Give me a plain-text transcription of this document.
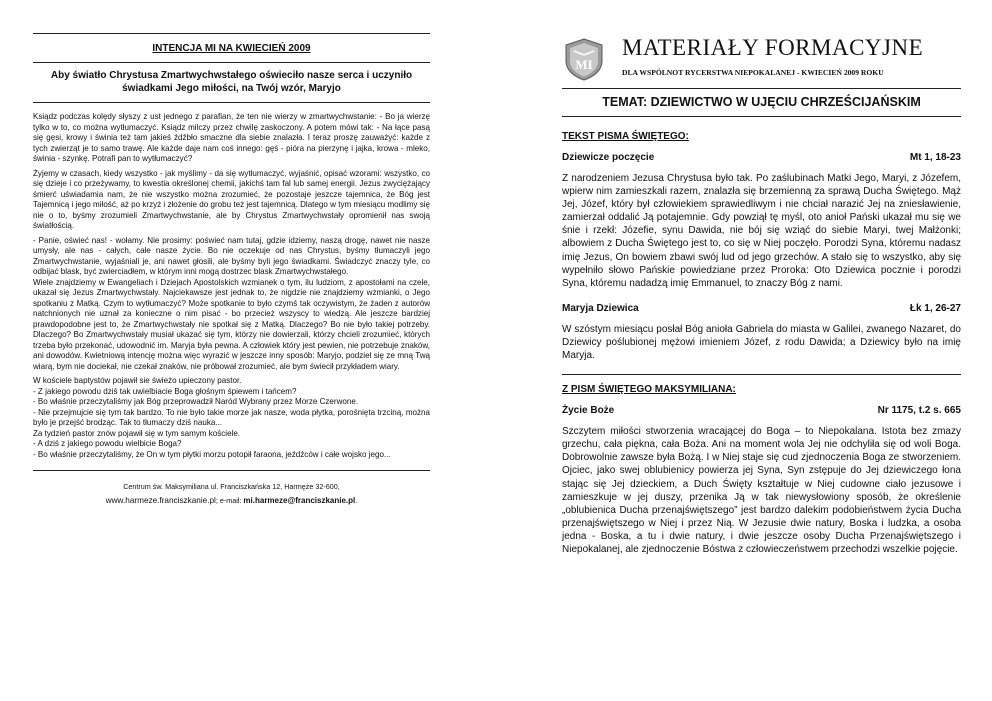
INTENCJA MI NA KWIECIEŃ 2009
Aby światło Chrystusa Zmartwychwstałego oświeciło nasze serca i uczyniło świadkami Jego miłości, na Twój wzór, Maryjo

Ksiądz podczas kolędy słyszy z ust jednego z parafian, że ten nie wierzy w zmartwychwstanie: - Bo ja wierzę tylko w to, co można wytłumaczyć. Ksiądz milczy przez chwilę zaskoczony. A potem mówi tak: - Na łące pasą się gęsi, krowy i świnia też tam jakieś źdźbło smaczne dla siebie znalazła. I teraz proszę zauważyć: każde z tych zwierząt je to samo trawę. Ale każde daje nam coś innego: gęś - pióra na pierzynę i jajka, krowa - mleko, świnia - szynkę. Potrafi pan to wytłumaczyć?

Żyjemy w czasach, kiedy wszystko - jak myślimy - da się wytłumaczyć, wyjaśnić, opisać wzorami: wszystko, co się dzieje i co przeżywamy, to kwestia określonej chemii, jakichś tam fal lub samej energii. Jezus zwyciężający śmierć uświadamia nam, że nie wszystko można zrozumieć, że pozostaje jeszcze tajemnica, że Bóg jest Tajemnicą i jego miłość, aż po krzyż i złożenie do grobu też jest tajemnicą. Dlatego w tym miesiącu modlimy się nie o to, byśmy zrozumieli Zmartwychwstanie, ale by Chrystus Zmartwychwstały opromienił nas swoją światłością.

- Panie, oświeć nas! - wołamy. Nie prosimy: poświeć nam tutaj, gdzie idziemy, naszą drogę, nawet nie nasze umysły, ale nas - całych, całe nasze życie. Bo nie oczekuje od nas Chrystus, byśmy tłumaczyli jego Zmartwychwstanie, wyjaśniali je, ani nawet głosili, ale byśmy byli jego świadkami. Świadczyć znaczy tyle, co odbijać blask, być zwierciadłem, w którym inni mogą dostrzec blask Zmartwychwstałego.

Wiele znajdziemy w Ewangeliach i Dziejach Apostolskich wzmianek o tym, ilu ludziom, z apostołami na czele, ukazał się Jezus Zmartwychwstały. Najciekawsze jest jednak to, że nigdzie nie znajdziemy wzmianki, o Jego spotkaniu z Matką. Czym to wytłumaczyć? Może spotkanie to było czymś tak oczywistym, że żaden z autorów natchnionych nie uznał za konieczne o nim pisać - bo przecież wszyscy to wiedzą. Ale jeszcze bardziej prawdopodobne jest to, że Zmartwychwstały nie spotkał się z Matką. Dlaczego? Bo nie było takiej potrzeby. Dlaczego? Bo Zmartwychwstały musiał ukazać się tym, którzy nie dowierzali, którzy chcieli zrozumieć, których trzeba było przekonać, udowodnić im. Maryja była pewna. A człowiek który jest pewien, nie potrzebuje znaków, ani dowodów. Kwietniową intencję można więc wyrazić w jeszcze inny sposób: Maryjo, podziel się ze mną Twą wiarą, bym nie dociekał, nie czekał znaków, nie próbował zrozumieć, ale bym świecił przykładem wiary.

W kościele baptystów pojawił sie świeżo upieczony pastor.

- Z jakiego powodu dziś tak uwielbiacie Boga głośnym śpiewem i tańcem?

- Bo właśnie przeczytaliśmy jak Bóg przeprowadził Naród Wybrany przez Morze Czerwone.

- Nie przejmujcie się tym tak bardzo. To nie było takie morze jak nasze, woda płytka, porośnięta trzciną, można było je przejść brodząc. Tak to tłumaczy dziś nauka...

Za tydzień pastor znów pojawił się w tym samym kościele.

- A dziś z jakiego powodu wielbicie Boga?

- Bo właśnie przeczytaliśmy, że On w tym płytki morzu potopił faraona, jeźdźców i całe wojsko jego...

Centrum św. Maksymiliana ul. Franciszkańska 12, Harmęże 32-600,
www.harmeze.franciszkanie.pl; e-mail: mi.harmeze@franciszkanie.pl.
MI
MATERIAŁY FORMACYJNE
DLA WSPÓLNOT RYCERSTWA NIEPOKALANEJ - KWIECIEŃ 2009 ROKU
TEMAT: DZIEWICTWO W UJĘCIU CHRZEŚCIJAŃSKIM
TEKST PISMA ŚWIĘTEGO:
Dziewicze poczęcie	Mt 1, 18-23

Z narodzeniem Jezusa Chrystusa było tak. Po zaślubinach Matki Jego, Maryi, z Józefem, wpierw nim zamieszkali razem, znalazła się brzemienną za sprawą Ducha Świętego. Mąż Jej, Józef, który był człowiekiem sprawiedliwym i nie chciał narazić Jej na zniesławienie, zamierzał oddalić Ją potajemnie. Gdy powziął tę myśl, oto anioł Pański ukazał mu się we śnie i rzekł: Józefie, synu Dawida, nie bój się wziąć do siebie Maryi, twej Małżonki; albowiem z Ducha Świętego jest to, co się w Niej poczęło. Porodzi Syna, któremu nadasz imię Jezus, On bowiem zbawi swój lud od jego grzechów. A stało się to wszystko, aby się wypełniło słowo Pańskie powiedziane przez Proroka: Oto Dziewica pocznie i porodzi Syna, któremu nadadzą imię Emmanuel, to znaczy Bóg z nami.

Maryja Dziewica	Łk 1, 26-27

W szóstym miesiącu posłał Bóg anioła Gabriela do miasta w Galilei, zwanego Nazaret, do Dziewicy poślubionej mężowi imieniem Józef, z rodu Dawida; a Dziewicy było na imię Maryja.

Z PISM ŚWIĘTEGO MAKSYMILIANA:
Życie Boże	Nr 1175, t.2 s. 665

Szczytem miłości stworzenia wracającej do Boga – to Niepokalana. Istota bez zmazy grzechu, cała piękna, cała Boża. Ani na moment wola Jej nie odchyliła się od woli Boga. Dobrowolnie zawsze była Bożą. I w Niej staje się cud zjednoczenia Boga ze stworzeniem. Ojciec, jako swej oblubienicy powierza jej Syna, Syn zstępuje do Jej dziewiczego łona stając się Jej dzieckiem, a Duch Święty kształtuje w Niej cudowne ciało jezusowe i zamieszkuje w jej duszy, przenika Ją w tak niewysłowiony sposób, że określenie „oblubienica Ducha przenajświętszego” jest bardzo dalekim podobieństwem życia Ducha przenajświętszego w Niej i przez Nią. W Jezusie dwie natury, Boska i ludzka, a osoba jedna - Boska, a tu i dwie natury, i dwie jeszcze osoby Ducha Przenajświętszego i Niepokalanej, ale zjednoczenie Bóstwa z człowieczeństwem przechodzi wszelkie pojęcie.
